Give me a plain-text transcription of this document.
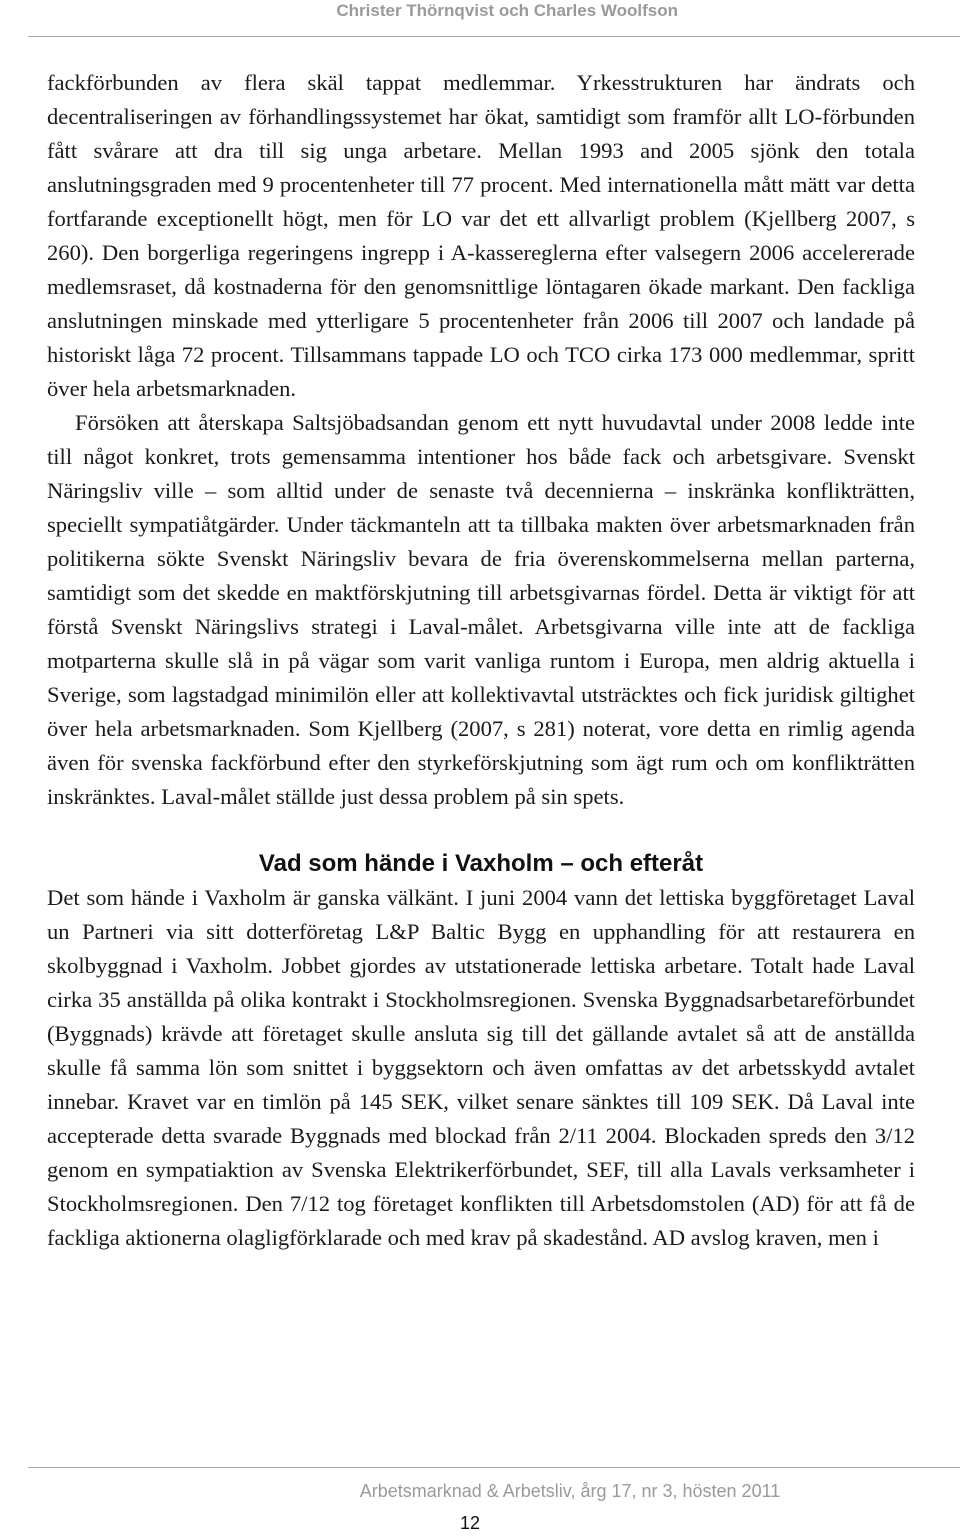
Christer Thörnqvist och Charles Woolfson

fackförbunden av flera skäl tappat medlemmar. Yrkesstrukturen har ändrats och decentraliseringen av förhandlingssystemet har ökat, samtidigt som framför allt LO-förbunden fått svårare att dra till sig unga arbetare. Mellan 1993 and 2005 sjönk den totala anslutningsgraden med 9 procentenheter till 77 procent. Med internationella mått mätt var detta fortfarande exceptionellt högt, men för LO var det ett allvarligt problem (Kjellberg 2007, s 260). Den borgerliga regeringens ingrepp i A-kassereglerna efter valsegern 2006 accelererade medlemsraset, då kostnaderna för den genomsnittlige löntagaren ökade markant. Den fackliga anslutningen minskade med ytterligare 5 procentenheter från 2006 till 2007 och landade på historiskt låga 72 procent. Tillsammans tappade LO och TCO cirka 173 000 medlemmar, spritt över hela arbetsmarknaden.

Försöken att återskapa Saltsjöbadsandan genom ett nytt huvudavtal under 2008 ledde inte till något konkret, trots gemensamma intentioner hos både fack och arbetsgivare. Svenskt Näringsliv ville – som alltid under de senaste två decennierna – inskränka konflikträtten, speciellt sympatiåtgärder. Under täckmanteln att ta tillbaka makten över arbetsmarknaden från politikerna sökte Svenskt Näringsliv bevara de fria överenskommelserna mellan parterna, samtidigt som det skedde en maktförskjutning till arbetsgivarnas fördel. Detta är viktigt för att förstå Svenskt Näringslivs strategi i Laval-målet. Arbetsgivarna ville inte att de fackliga motparterna skulle slå in på vägar som varit vanliga runtom i Europa, men aldrig aktuella i Sverige, som lagstadgad minimilön eller att kollektivavtal utsträcktes och fick juridisk giltighet över hela arbetsmarknaden. Som Kjellberg (2007, s 281) noterat, vore detta en rimlig agenda även för svenska fackförbund efter den styrkeförskjutning som ägt rum och om konflikträtten inskränktes. Laval-målet ställde just dessa problem på sin spets.

Vad som hände i Vaxholm – och efteråt

Det som hände i Vaxholm är ganska välkänt. I juni 2004 vann det lettiska byggföretaget Laval un Partneri via sitt dotterföretag L&P Baltic Bygg en upphandling för att restaurera en skolbyggnad i Vaxholm. Jobbet gjordes av utstationerade lettiska arbetare. Totalt hade Laval cirka 35 anställda på olika kontrakt i Stockholmsregionen. Svenska Byggnadsarbetareförbundet (Byggnads) krävde att företaget skulle ansluta sig till det gällande avtalet så att de anställda skulle få samma lön som snittet i byggsektorn och även omfattas av det arbetsskydd avtalet innebar. Kravet var en timlön på 145 SEK, vilket senare sänktes till 109 SEK. Då Laval inte accepterade detta svarade Byggnads med blockad från 2/11 2004. Blockaden spreds den 3/12 genom en sympatiaktion av Svenska Elektrikerförbundet, SEF, till alla Lavals verksamheter i Stockholmsregionen. Den 7/12 tog företaget konflikten till Arbetsdomstolen (AD) för att få de fackliga aktionerna olagligförklarade och med krav på skadestånd. AD avslog kraven, men i

Arbetsmarknad & Arbetsliv, årg 17, nr 3, hösten 2011
12
